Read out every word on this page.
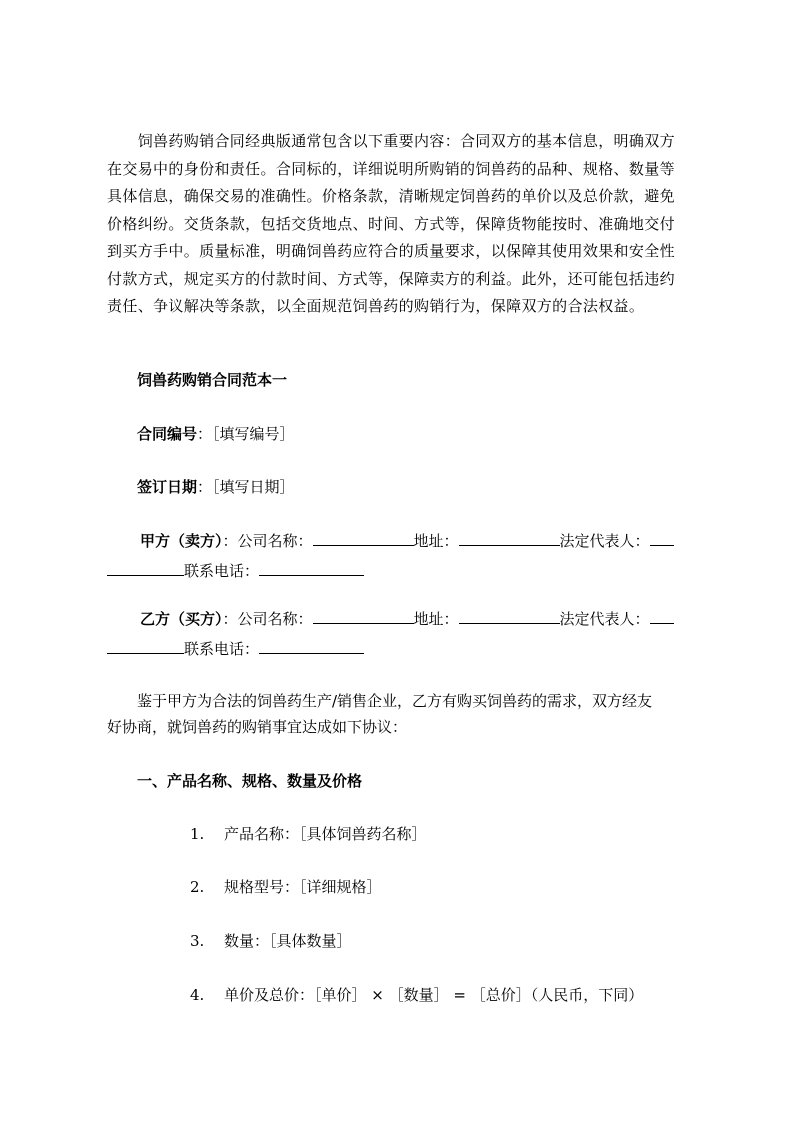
　　饲兽药购销合同经典版通常包含以下重要内容：合同双方的基本信息，明确双方
在交易中的身份和责任。合同标的，详细说明所购销的饲兽药的品种、规格、数量等
具体信息，确保交易的准确性。价格条款，清晰规定饲兽药的单价以及总价款，避免
价格纠纷。交货条款，包括交货地点、时间、方式等，保障货物能按时、准确地交付
到买方手中。质量标准，明确饲兽药应符合的质量要求，以保障其使用效果和安全性
付款方式，规定买方的付款时间、方式等，保障卖方的利益。此外，还可能包括违约
责任、争议解决等条款，以全面规范饲兽药的购销行为，保障双方的合法权益。
饲兽药购销合同范本一
合同编号：［填写编号］
签订日期：［填写日期］
甲方（卖方）：公司名称：	地址：	法定代表人：
联系电话：
乙方（买方）：公司名称：	地址：	法定代表人：
联系电话：
　　鉴于甲方为合法的饲兽药生产/销售企业，乙方有购买饲兽药的需求，双方经友
好协商，就饲兽药的购销事宜达成如下协议：
一、产品名称、规格、数量及价格
1. 产品名称：［具体饲兽药名称］
2. 规格型号：［详细规格］
3. 数量：［具体数量］
4. 单价及总价：［单价］ × ［数量］ = ［总价］（人民币，下同）
